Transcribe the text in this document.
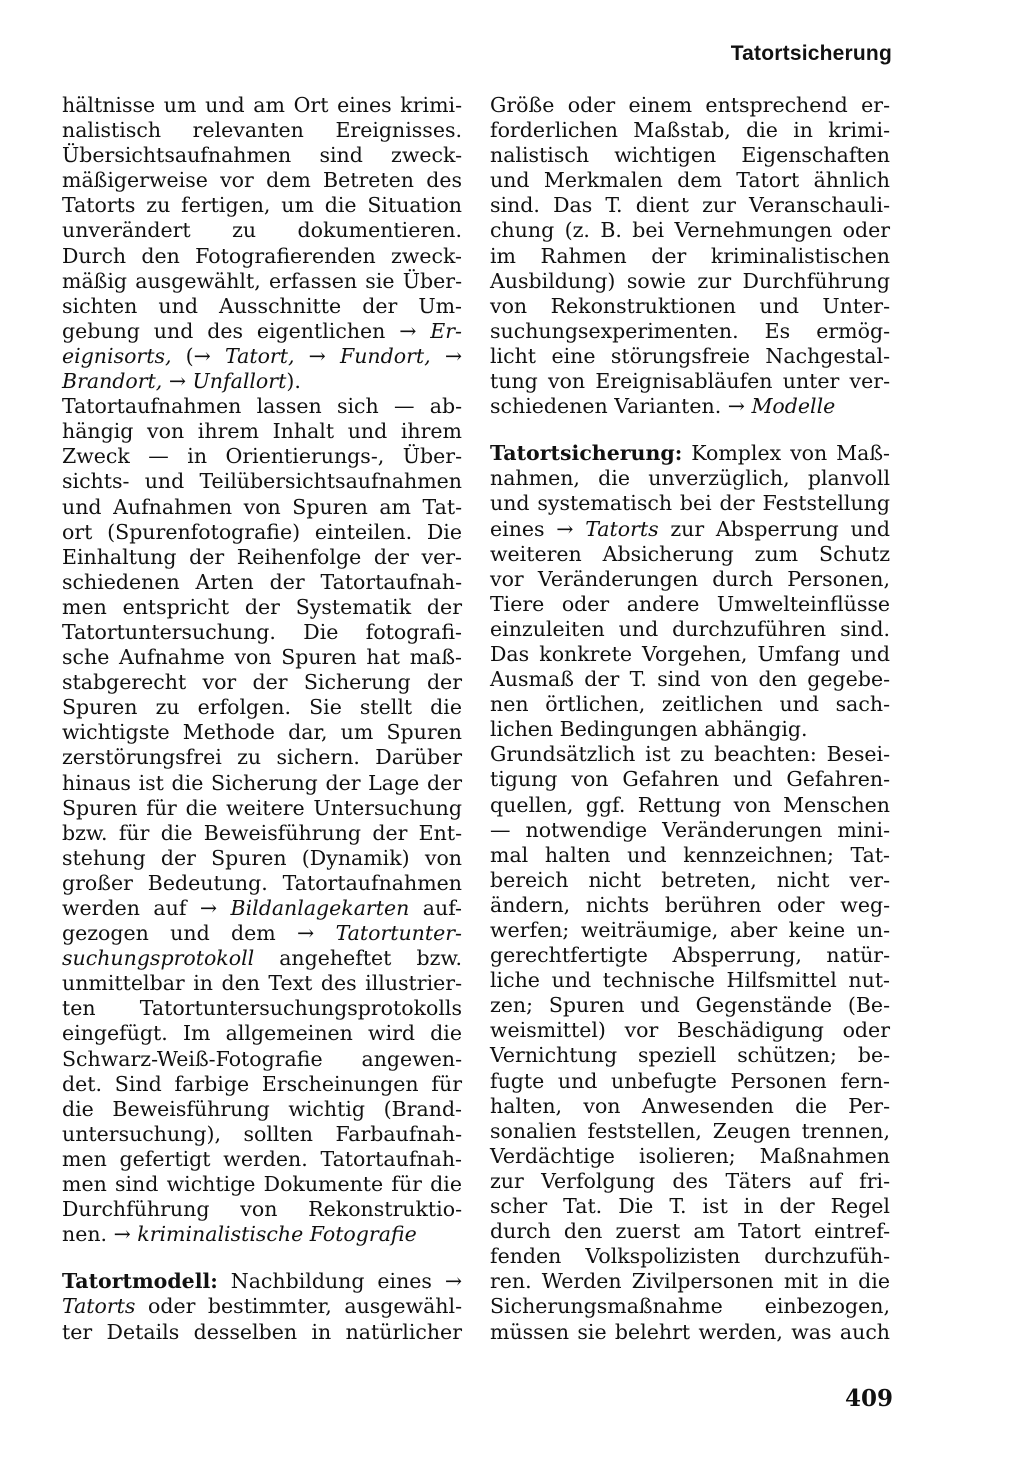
Tatortsicherung
hältnisse um und am Ort eines krimi-
nalistisch relevanten Ereignisses.
Übersichtsaufnahmen sind zweck-
mäßigerweise vor dem Betreten des
Tatorts zu fertigen, um die Situation
unverändert zu dokumentieren.
Durch den Fotografierenden zweck-
mäßig ausgewählt, erfassen sie Über-
sichten und Ausschnitte der Um-
gebung und des eigentlichen → Er-
eignisorts, (→ Tatort, → Fundort, →
Brandort, → Unfallort).
Tatortaufnahmen lassen sich — ab-
hängig von ihrem Inhalt und ihrem
Zweck — in Orientierungs-, Über-
sichts- und Teilübersichtsaufnahmen
und Aufnahmen von Spuren am Tat-
ort (Spurenfotografie) einteilen. Die
Einhaltung der Reihenfolge der ver-
schiedenen Arten der Tatortaufnah-
men entspricht der Systematik der
Tatortuntersuchung. Die fotografi-
sche Aufnahme von Spuren hat maß-
stabgerecht vor der Sicherung der
Spuren zu erfolgen. Sie stellt die
wichtigste Methode dar, um Spuren
zerstörungsfrei zu sichern. Darüber
hinaus ist die Sicherung der Lage der
Spuren für die weitere Untersuchung
bzw. für die Beweisführung der Ent-
stehung der Spuren (Dynamik) von
großer Bedeutung. Tatortaufnahmen
werden auf → Bildanlagekarten auf-
gezogen und dem → Tatortunter-
suchungsprotokoll angeheftet bzw.
unmittelbar in den Text des illustrier-
ten Tatortuntersuchungsprotokolls
eingefügt. Im allgemeinen wird die
Schwarz-Weiß-Fotografie angewen-
det. Sind farbige Erscheinungen für
die Beweisführung wichtig (Brand-
untersuchung), sollten Farbaufnah-
men gefertigt werden. Tatortaufnah-
men sind wichtige Dokumente für die
Durchführung von Rekonstruktio-
nen. → kriminalistische Fotografie
Tatortmodell: Nachbildung eines →
Tatorts oder bestimmter, ausgewähl-
ter Details desselben in natürlicher
Größe oder einem entsprechend er-
forderlichen Maßstab, die in krimi-
nalistisch wichtigen Eigenschaften
und Merkmalen dem Tatort ähnlich
sind. Das T. dient zur Veranschauli-
chung (z. B. bei Vernehmungen oder
im Rahmen der kriminalistischen
Ausbildung) sowie zur Durchführung
von Rekonstruktionen und Unter-
suchungsexperimenten. Es ermög-
licht eine störungsfreie Nachgestal-
tung von Ereignisabläufen unter ver-
schiedenen Varianten. → Modelle
Tatortsicherung: Komplex von Maß-
nahmen, die unverzüglich, planvoll
und systematisch bei der Feststellung
eines → Tatorts zur Absperrung und
weiteren Absicherung zum Schutz
vor Veränderungen durch Personen,
Tiere oder andere Umwelteinflüsse
einzuleiten und durchzuführen sind.
Das konkrete Vorgehen, Umfang und
Ausmaß der T. sind von den gegebe-
nen örtlichen, zeitlichen und sach-
lichen Bedingungen abhängig.
Grundsätzlich ist zu beachten: Besei-
tigung von Gefahren und Gefahren-
quellen, ggf. Rettung von Menschen
— notwendige Veränderungen mini-
mal halten und kennzeichnen; Tat-
bereich nicht betreten, nicht ver-
ändern, nichts berühren oder weg-
werfen; weiträumige, aber keine un-
gerechtfertigte Absperrung, natür-
liche und technische Hilfsmittel nut-
zen; Spuren und Gegenstände (Be-
weismittel) vor Beschädigung oder
Vernichtung speziell schützen; be-
fugte und unbefugte Personen fern-
halten, von Anwesenden die Per-
sonalien feststellen, Zeugen trennen,
Verdächtige isolieren; Maßnahmen
zur Verfolgung des Täters auf fri-
scher Tat. Die T. ist in der Regel
durch den zuerst am Tatort eintref-
fenden Volkspolizisten durchzufüh-
ren. Werden Zivilpersonen mit in die
Sicherungsmaßnahme einbezogen,
müssen sie belehrt werden, was auch
409
